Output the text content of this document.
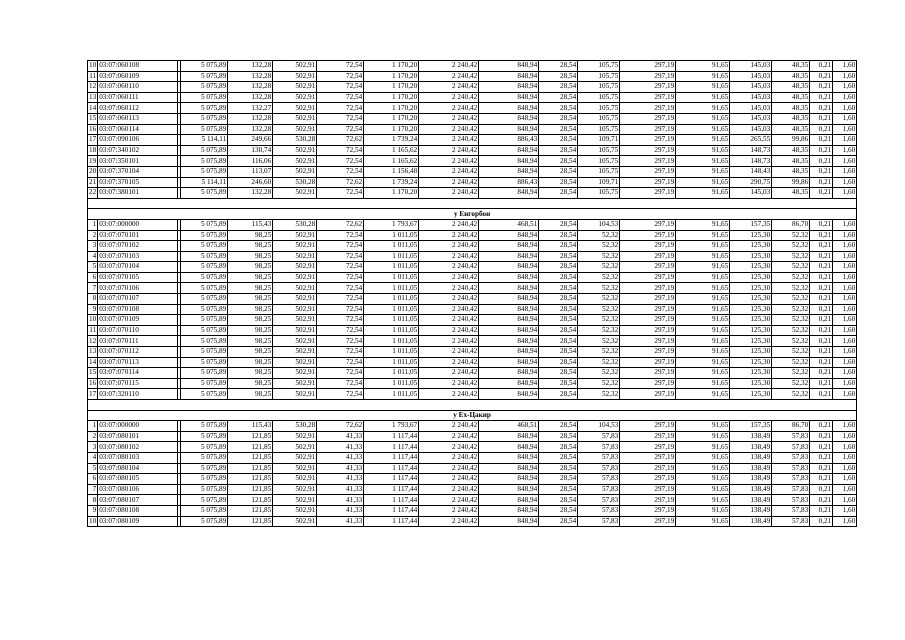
10	03:07:060108		5 075,89	132,28	502,91	72,54	1 170,20	2 240,42	848,94	28,54	105,75	297,19	91,65	145,03	48,35	0,21	1,60
11	03:07:060109		5 075,89	132,28	502,91	72,54	1 170,20	2 240,42	848,94	28,54	105,75	297,19	91,65	145,03	48,35	0,21	1,60
12	03:07:060110		5 075,89	132,28	502,91	72,54	1 170,20	2 240,42	848,94	28,54	105,75	297,19	91,65	145,03	48,35	0,21	1,60
13	03:07:060111		5 075,89	132,28	502,91	72,54	1 170,20	2 240,42	848,94	28,54	105,75	297,19	91,65	145,03	48,35	0,21	1,60
14	03:07:060112		5 075,89	132,27	502,91	72,54	1 170,20	2 240,42	848,94	28,54	105,75	297,19	91,65	145,03	48,35	0,21	1,60
15	03:07:060113		5 075,89	132,28	502,91	72,54	1 170,20	2 240,42	848,94	28,54	105,75	297,19	91,65	145,03	48,35	0,21	1,60
16	03:07:060114		5 075,89	132,28	502,91	72,54	1 170,20	2 240,42	848,94	28,54	105,75	297,19	91,65	145,03	48,35	0,21	1,60
17	03:07:090106		5 114,11	249,66	530,28	72,62	1 739,24	2 240,42	886,43	28,54	109,71	297,19	91,65	265,55	99,86	0,21	1,60
18	03:07:340102		5 075,89	130,74	502,91	72,54	1 165,62	2 240,42	848,94	28,54	105,75	297,19	91,65	148,73	48,35	0,21	1,60
19	03:07:350101		5 075,89	116,06	502,91	72,54	1 165,62	2 240,42	848,94	28,54	105,75	297,19	91,65	148,73	48,35	0,21	1,60
20	03:07:370104		5 075,89	113,07	502,91	72,54	1 156,48	2 240,42	848,94	28,54	105,75	297,19	91,65	148,43	48,35	0,21	1,60
21	03:07:370105		5 114,11	246,60	530,28	72,62	1 739,24	2 240,42	886,43	28,54	109,71	297,19	91,65	290,75	99,86	0,21	1,60
22	03:07:380101		5 075,89	132,28	502,91	72,54	1 170,20	2 240,42	848,94	28,54	105,75	297,19	91,65	145,03	48,35	0,21	1,60

у Енгорбон																	
1	03:07:000000		5 075,89	115,43	530,28	72,62	1 793,67	2 240,42	468,51	28,54	104,53	297,19	91,65	157,35	86,70	0,21	1,60
2	03:07:070101		5 075,89	98,25	502,91	72,54	1 011,05	2 240,42	848,94	28,54	52,32	297,19	91,65	125,30	52,32	0,21	1,60
3	03:07:070102		5 075,89	98,25	502,91	72,54	1 011,05	2 240,42	848,94	28,54	52,32	297,19	91,65	125,30	52,32	0,21	1,60
4	03:07:070103		5 075,89	98,25	502,91	72,54	1 011,05	2 240,42	848,94	28,54	52,32	297,19	91,65	125,30	52,32	0,21	1,60
5	03:07:070104		5 075,89	98,25	502,91	72,54	1 011,05	2 240,42	848,94	28,54	52,32	297,19	91,65	125,30	52,32	0,21	1,60
6	03:07:070105		5 075,89	98,25	502,91	72,54	1 011,05	2 240,42	848,94	28,54	52,32	297,19	91,65	125,30	52,32	0,21	1,60
7	03:07:070106		5 075,89	98,25	502,91	72,54	1 011,05	2 240,42	848,94	28,54	52,32	297,19	91,65	125,30	52,32	0,21	1,60
8	03:07:070107		5 075,89	98,25	502,91	72,54	1 011,05	2 240,42	848,94	28,54	52,32	297,19	91,65	125,30	52,32	0,21	1,60
9	03:07:070108		5 075,89	98,25	502,91	72,54	1 011,05	2 240,42	848,94	28,54	52,32	297,19	91,65	125,30	52,32	0,21	1,60
10	03:07:070109		5 075,89	98,25	502,91	72,54	1 011,05	2 240,42	848,94	28,54	52,32	297,19	91,65	125,30	52,32	0,21	1,60
11	03:07:070110		5 075,89	98,25	502,91	72,54	1 011,05	2 240,42	848,94	28,54	52,32	297,19	91,65	125,30	52,32	0,21	1,60
12	03:07:070111		5 075,89	98,25	502,91	72,54	1 011,05	2 240,42	848,94	28,54	52,32	297,19	91,65	125,30	52,32	0,21	1,60
13	03:07:070112		5 075,89	98,25	502,91	72,54	1 011,05	2 240,42	848,94	28,54	52,32	297,19	91,65	125,30	52,32	0,21	1,60
14	03:07:070113		5 075,89	98,25	502,91	72,54	1 011,05	2 240,42	848,94	28,54	52,32	297,19	91,65	125,30	52,32	0,21	1,60
15	03:07:070114		5 075,89	98,25	502,91	72,54	1 011,05	2 240,42	848,94	28,54	52,32	297,19	91,65	125,30	52,32	0,21	1,60
16	03:07:070115		5 075,89	98,25	502,91	72,54	1 011,05	2 240,42	848,94	28,54	52,32	297,19	91,65	125,30	52,32	0,21	1,60
17	03:07:320110		5 075,89	98,25	502,91	72,54	1 011,05	2 240,42	848,94	28,54	52,32	297,19	91,65	125,30	52,32	0,21	1,60

у Ех-Цакир																	
1	03:07:000000		5 075,89	115,43	530,28	72,62	1 793,67	2 240,42	468,51	28,54	104,53	297,19	91,65	157,35	86,70	0,21	1,60
2	03:07:080101		5 075,89	121,85	502,91	41,33	1 117,44	2 240,42	848,94	28,54	57,83	297,19	91,65	138,49	57,83	0,21	1,60
3	03:07:080102		5 075,89	121,85	502,91	41,33	1 117,44	2 240,42	848,94	28,54	57,83	297,19	91,65	138,49	57,83	0,21	1,60
4	03:07:080103		5 075,89	121,85	502,91	41,33	1 117,44	2 240,42	848,94	28,54	57,83	297,19	91,65	138,49	57,83	0,21	1,60
5	03:07:080104		5 075,89	121,85	502,91	41,33	1 117,44	2 240,42	848,94	28,54	57,83	297,19	91,65	138,49	57,83	0,21	1,60
6	03:07:080105		5 075,89	121,85	502,91	41,33	1 117,44	2 240,42	848,94	28,54	57,83	297,19	91,65	138,49	57,83	0,21	1,60
7	03:07:080106		5 075,89	121,85	502,91	41,33	1 117,44	2 240,42	848,94	28,54	57,83	297,19	91,65	138,49	57,83	0,21	1,60
8	03:07:080107		5 075,89	121,85	502,91	41,33	1 117,44	2 240,42	848,94	28,54	57,83	297,19	91,65	138,49	57,83	0,21	1,60
9	03:07:080108		5 075,89	121,85	502,91	41,33	1 117,44	2 240,42	848,94	28,54	57,83	297,19	91,65	138,49	57,83	0,21	1,60
10	03:07:080109		5 075,89	121,85	502,91	41,33	1 117,44	2 240,42	848,94	28,54	57,83	297,19	91,65	138,49	57,83	0,21	1,60
